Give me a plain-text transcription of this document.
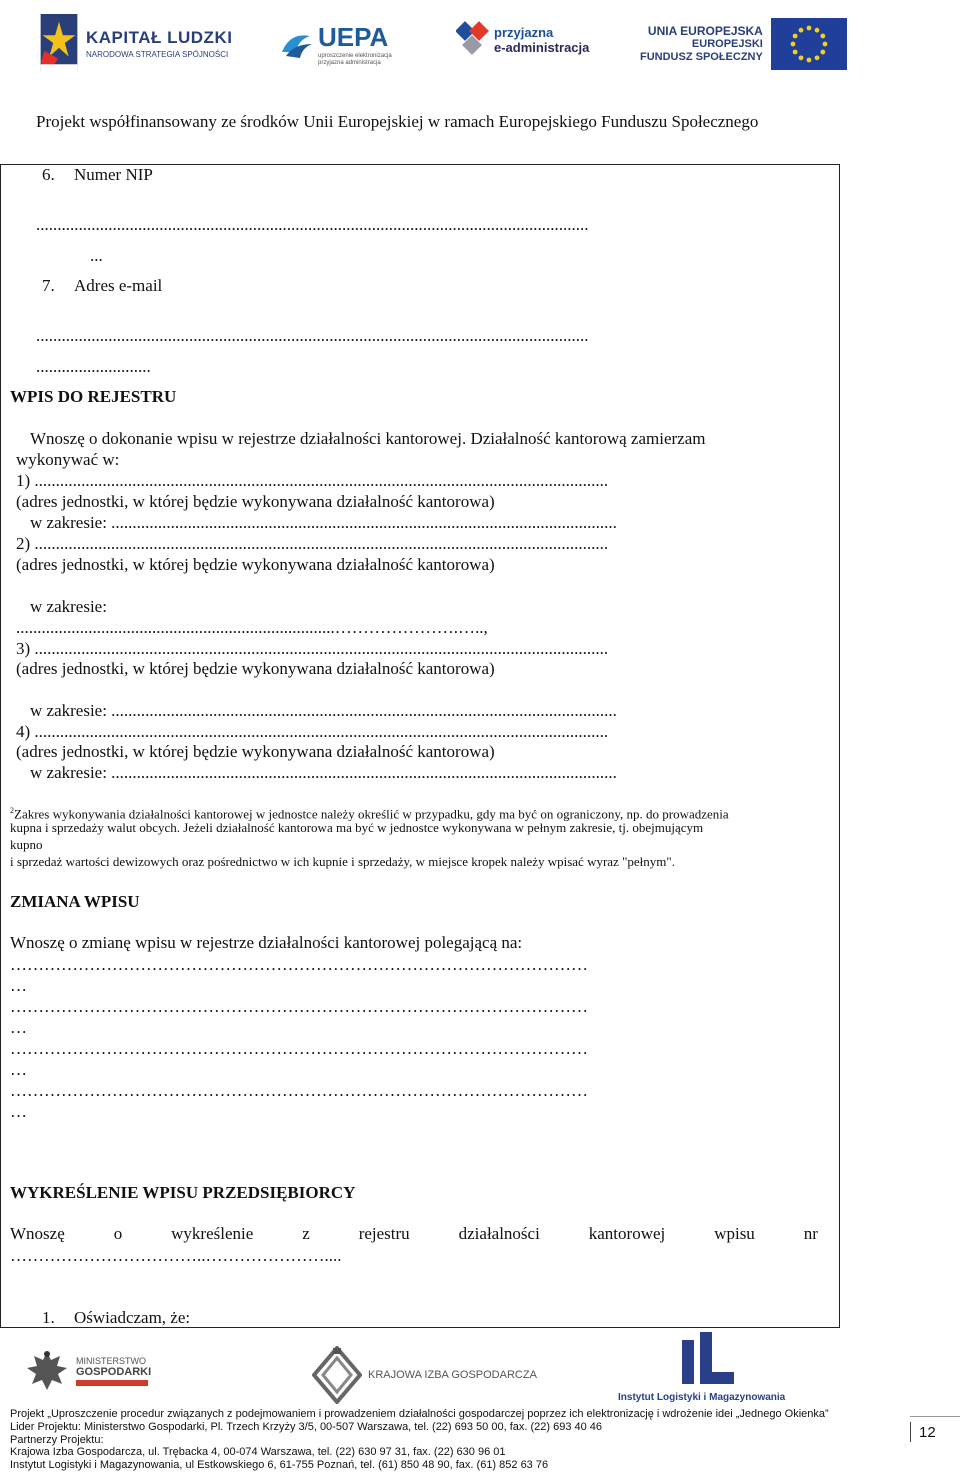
KAPITAŁ LUDZKI
NARODOWA STRATEGIA SPÓJNOŚCI
UEPA
uproszczenie elektronizacja
przyjazna administracja
przyjazna
e-administracja
UNIA EUROPEJSKA
EUROPEJSKI
FUNDUSZ SPOŁECZNY
Projekt współfinansowany ze środków Unii Europejskiej w ramach Europejskiego Funduszu Społecznego
6. Numer NIP
..................................................................................................................................
...
7. Adres e-mail
..................................................................................................................................
...........................
WPIS DO REJESTRU
Wnoszę o dokonanie wpisu w rejestrze działalności kantorowej. Działalność kantorową zamierzam
wykonywać w:
1) .......................................................................................................................................
(adres jednostki, w której będzie wykonywana działalność kantorowa)
w zakresie: .......................................................................................................................
2) .......................................................................................................................................
(adres jednostki, w której będzie wykonywana działalność kantorowa)
w zakresie:
...........................................................................………………….…..,
3) .......................................................................................................................................
(adres jednostki, w której będzie wykonywana działalność kantorowa)
w zakresie: .......................................................................................................................
4) .......................................................................................................................................
(adres jednostki, w której będzie wykonywana działalność kantorowa)
w zakresie: .......................................................................................................................
$^2$Zakres wykonywania działalności kantorowej w jednostce należy określić w przypadku, gdy ma być on ograniczony, np. do prowadzenia
kupna i sprzedaży walut obcych. Jeżeli działalność kantorowa ma być w jednostce wykonywana w pełnym zakresie, tj. obejmującym
kupno
i sprzedaż wartości dewizowych oraz pośrednictwo w ich kupnie i sprzedaży, w miejsce kropek należy wpisać wyraz "pełnym".
ZMIANA WPISU
Wnoszę o zmianę wpisu w rejestrze działalności kantorowej polegającą na:
…………………………………………………………………………………………
…
…………………………………………………………………………………………
…
…………………………………………………………………………………………
…
…………………………………………………………………………………………
…
WYKREŚLENIE WPISU PRZEDSIĘBIORCY
Wnoszę	o	wykreślenie	z	rejestru	działalności	kantorowej	wpisu	nr
……………………………..…………………....
1. Oświadczam, że:
MINISTERSTWO
GOSPODARKI	KRAJOWA IZBA GOSPODARCZA
Instytut Logistyki i Magazynowania
Projekt „Uproszczenie procedur związanych z podejmowaniem i prowadzeniem działalności gospodarczej poprzez ich elektronizację i wdrożenie idei „Jednego Okienka”
Lider Projektu: Ministerstwo Gospodarki, Pl. Trzech Krzyży 3/5, 00-507 Warszawa, tel. (22) 693 50 00, fax. (22) 693 40 46
Partnerzy Projektu:
Krajowa Izba Gospodarcza, ul. Trębacka 4, 00-074 Warszawa, tel. (22) 630 97 31, fax. (22) 630 96 01
Instytut Logistyki i Magazynowania, ul Estkowskiego 6, 61-755 Poznań, tel. (61) 850 48 90, fax. (61) 852 63 76
12
